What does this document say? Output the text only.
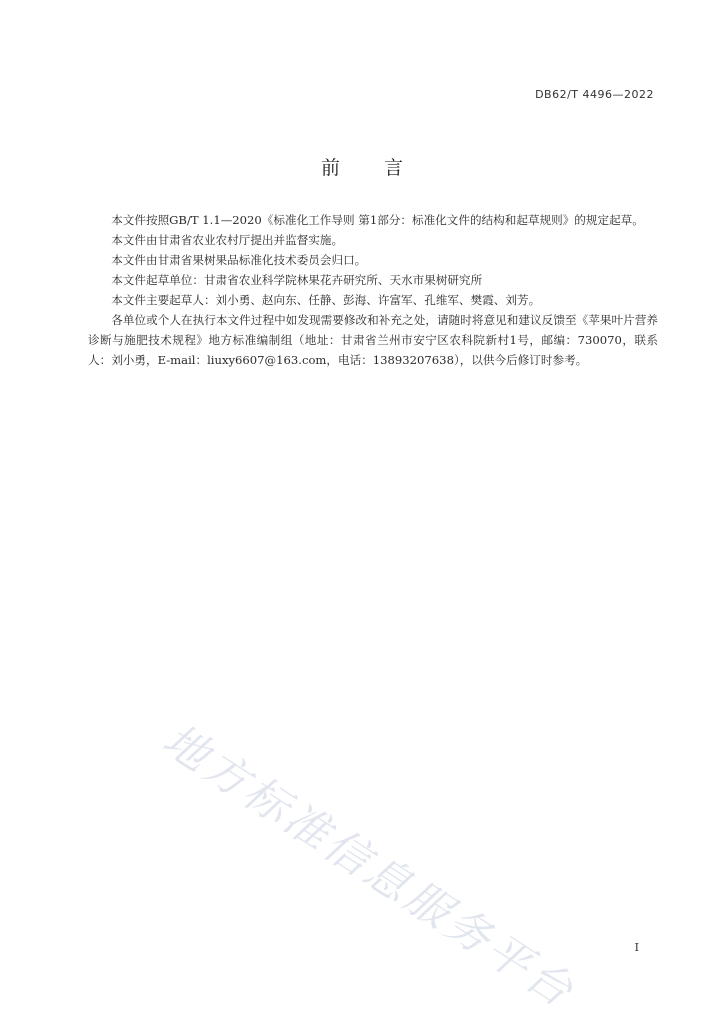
DB62/T 4496—2022
前 言

本文件按照GB/T 1.1—2020《标准化工作导则 第1部分：标准化文件的结构和起草规则》的规定起草。

本文件由甘肃省农业农村厅提出并监督实施。

本文件由甘肃省果树果品标准化技术委员会归口。

本文件起草单位：甘肃省农业科学院林果花卉研究所、天水市果树研究所

本文件主要起草人：刘小勇、赵向东、任静、彭海、许富军、孔维军、樊霞、刘芳。

各单位或个人在执行本文件过程中如发现需要修改和补充之处，请随时将意见和建议反馈至《苹果叶片营养诊断与施肥技术规程》地方标准编制组（地址：甘肃省兰州市安宁区农科院新村1号，邮编：730070，联系人：刘小勇，E-mail：liuxy6607@163.com，电话：13893207638），以供今后修订时参考。

地方标准信息服务平台	I
